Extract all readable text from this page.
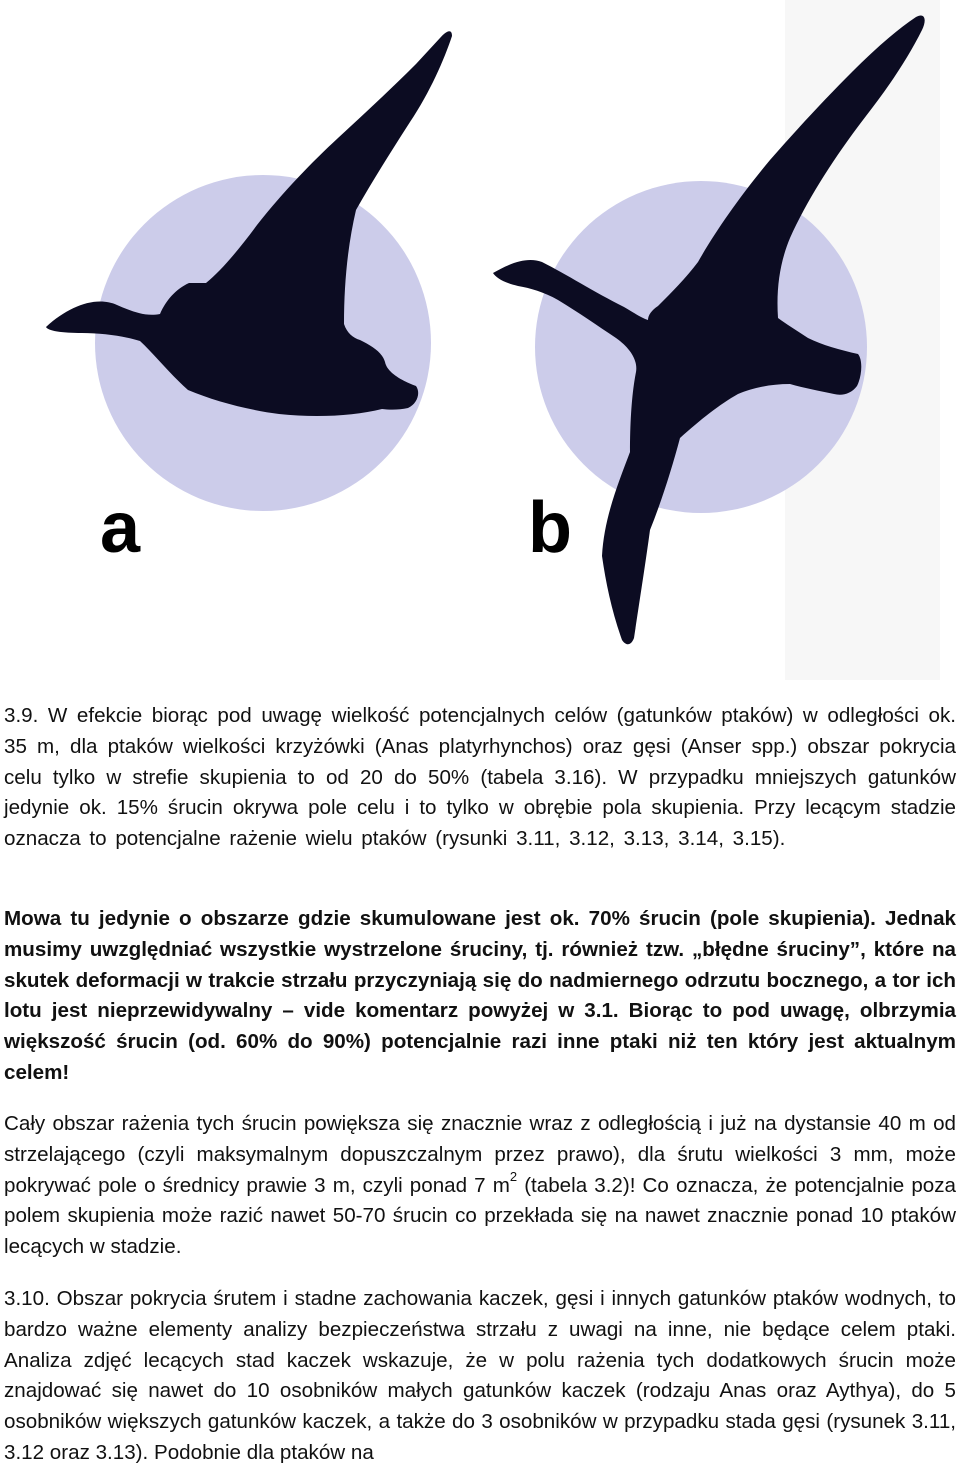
a	b
3.9. W efekcie biorąc pod uwagę wielkość potencjalnych celów (gatunków ptaków) w odległości ok. 35 m, dla ptaków wielkości krzyżówki (Anas platyrhynchos) oraz gęsi (Anser spp.) obszar pokrycia celu tylko w strefie skupienia to od 20 do 50% (tabela 3.16). W przypadku mniejszych gatunków jedynie ok. 15% śrucin okrywa pole celu i to tylko w obrębie pola skupienia. Przy lecącym stadzie oznacza to potencjalne rażenie wielu ptaków (rysunki 3.11, 3.12, 3.13, 3.14, 3.15).
Mowa tu jedynie o obszarze gdzie skumulowane jest ok. 70% śrucin (pole skupienia). Jednak musimy uwzględniać wszystkie wystrzelone śruciny, tj. również tzw. „błędne śruciny”, które na skutek deformacji w trakcie strzału przyczyniają się do nadmiernego odrzutu bocznego, a tor ich lotu jest nieprzewidywalny – vide komentarz powyżej w 3.1. Biorąc to pod uwagę, olbrzymia większość śrucin (od. 60% do 90%) potencjalnie razi inne ptaki niż ten który jest aktualnym celem!
Cały obszar rażenia tych śrucin powiększa się znacznie wraz z odległością i już na dystansie 40 m od strzelającego (czyli maksymalnym dopuszczalnym przez prawo), dla śrutu wielkości 3 mm, może pokrywać pole o średnicy prawie 3 m, czyli ponad 7 $m^2$ (tabela 3.2)! Co oznacza, że potencjalnie poza polem skupienia może razić nawet 50-70 śrucin co przekłada się na nawet znacznie ponad 10 ptaków lecących w stadzie.
3.10. Obszar pokrycia śrutem i stadne zachowania kaczek, gęsi i innych gatunków ptaków wodnych, to bardzo ważne elementy analizy bezpieczeństwa strzału z uwagi na inne, nie będące celem ptaki. Analiza zdjęć lecących stad kaczek wskazuje, że w polu rażenia tych dodatkowych śrucin może znajdować się nawet do 10 osobników małych gatunków kaczek (rodzaju Anas oraz Aythya), do 5 osobników większych gatunków kaczek, a także do 3 osobników w przypadku stada gęsi (rysunek 3.11, 3.12 oraz 3.13). Podobnie dla ptaków na
